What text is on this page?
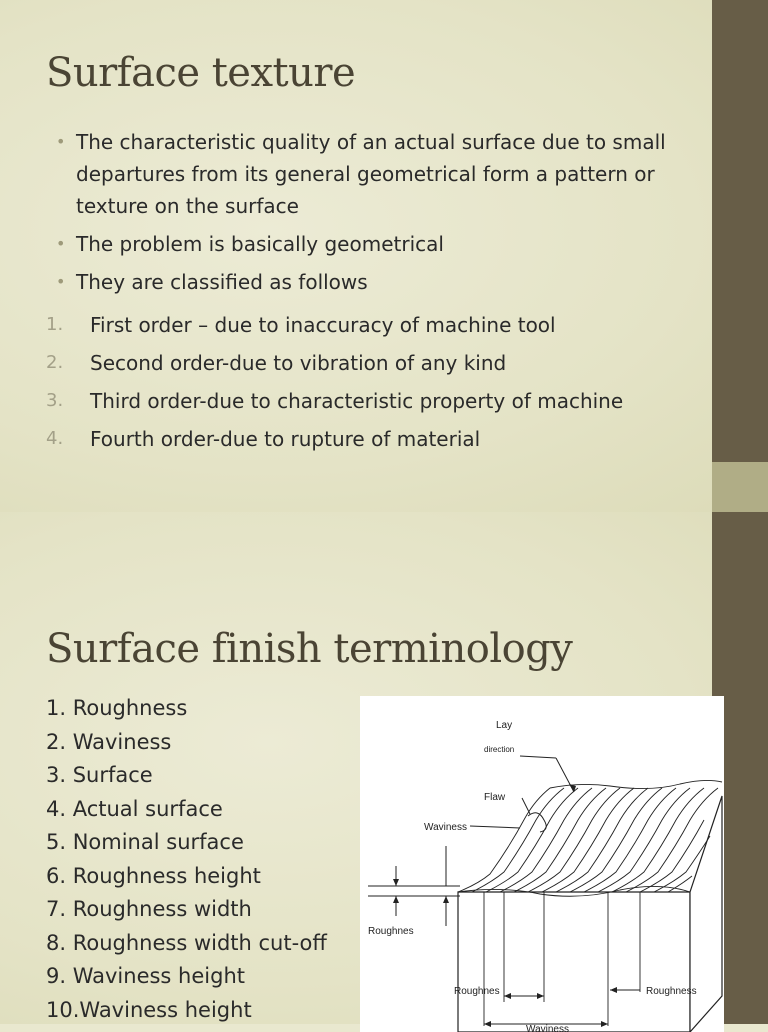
Surface texture
• The characteristic quality of an actual surface due to small departures from its general geometrical form a pattern or texture on the surface
• The problem is basically geometrical
• They are classified as follows
1. First order – due to inaccuracy of machine tool
2. Second order-due to vibration of any kind
3. Third order-due to characteristic property of machine
4. Fourth order-due to rupture of material
Surface finish terminology
1. Roughness
2. Waviness
3. Surface
4. Actual surface
5. Nominal surface
6. Roughness height
7. Roughness width
8. Roughness width cut-off
9. Waviness height
10.Waviness height
Lay
direction
Flaw
Waviness
Roughnes
Roughnes	Roughness
Waviness
